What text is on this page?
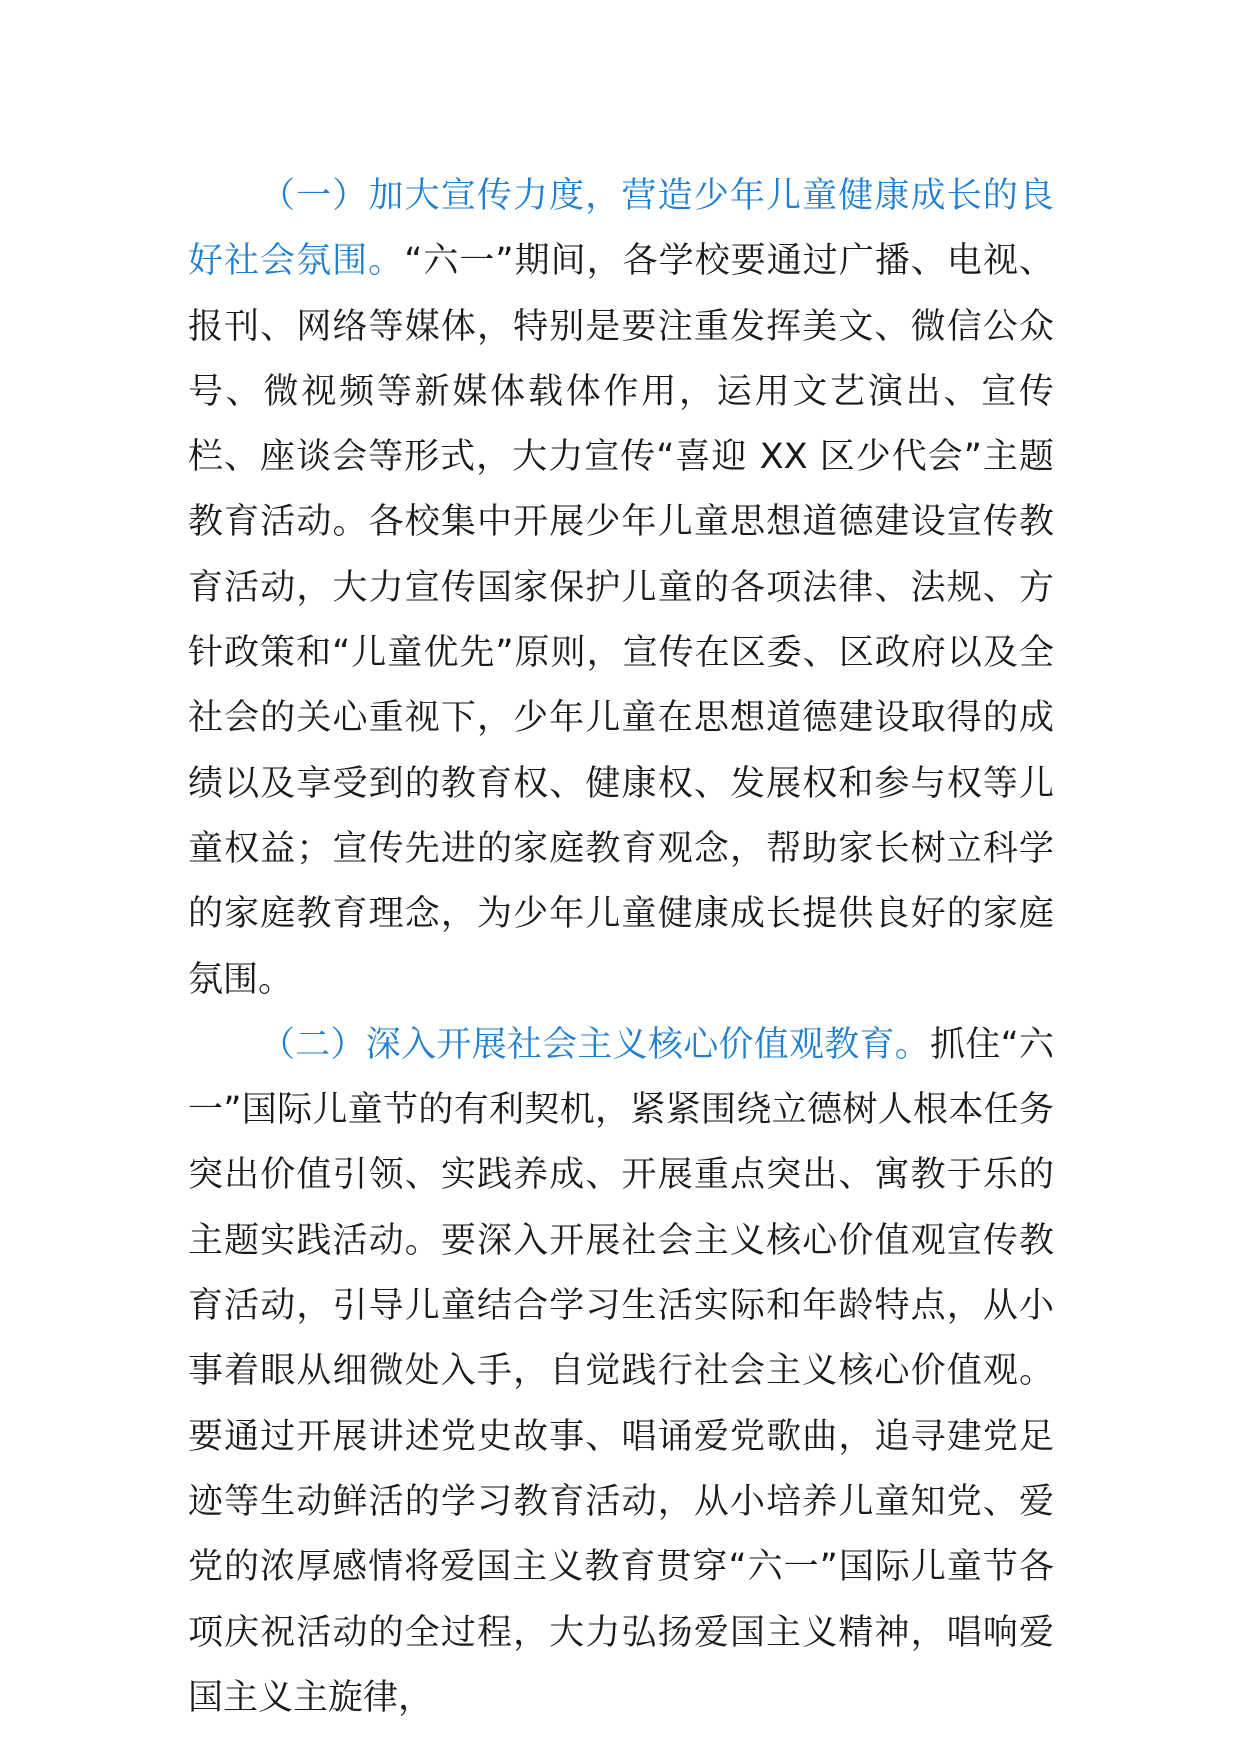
（一）加大宣传力度，营造少年儿童健康成长的良好社会氛围。“六一”期间，各学校要通过广播、电视、报刊、网络等媒体，特别是要注重发挥美文、微信公众号、微视频等新媒体载体作用，运用文艺演出、宣传栏、座谈会等形式，大力宣传“喜迎 XX 区少代会”主题教育活动。各校集中开展少年儿童思想道德建设宣传教育活动，大力宣传国家保护儿童的各项法律、法规、方针政策和“儿童优先”原则，宣传在区委、区政府以及全社会的关心重视下，少年儿童在思想道德建设取得的成绩以及享受到的教育权、健康权、发展权和参与权等儿童权益；宣传先进的家庭教育观念，帮助家长树立科学的家庭教育理念，为少年儿童健康成长提供良好的家庭氛围。

（二）深入开展社会主义核心价值观教育。抓住“六一”国际儿童节的有利契机，紧紧围绕立德树人根本任务突出价值引领、实践养成、开展重点突出、寓教于乐的主题实践活动。要深入开展社会主义核心价值观宣传教育活动，引导儿童结合学习生活实际和年龄特点，从小事着眼从细微处入手，自觉践行社会主义核心价值观。要通过开展讲述党史故事、唱诵爱党歌曲，追寻建党足迹等生动鲜活的学习教育活动，从小培养儿童知党、爱党的浓厚感情将爱国主义教育贯穿“六一”国际儿童节各项庆祝活动的全过程，大力弘扬爱国主义精神，唱响爱国主义主旋律，
